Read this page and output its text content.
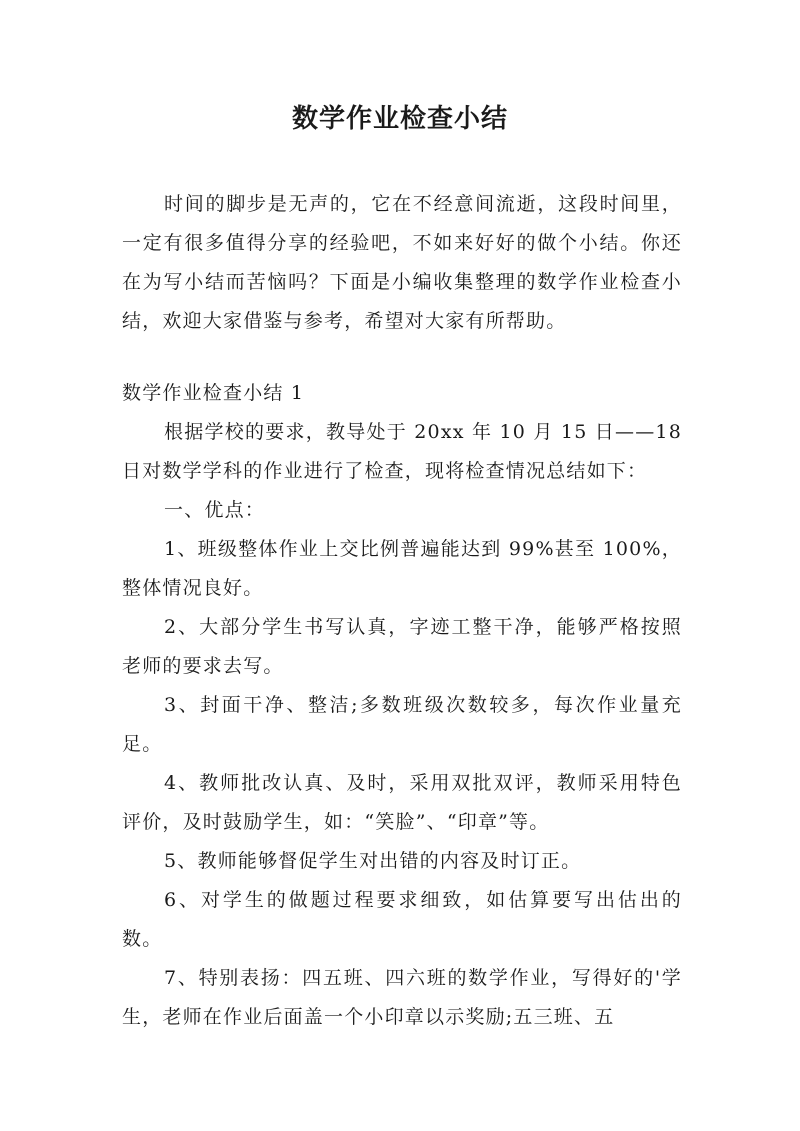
数学作业检查小结

时间的脚步是无声的，它在不经意间流逝，这段时间里，一定有很多值得分享的经验吧，不如来好好的做个小结。你还在为写小结而苦恼吗？下面是小编收集整理的数学作业检查小结，欢迎大家借鉴与参考，希望对大家有所帮助。

数学作业检查小结 1

根据学校的要求，教导处于 20xx 年 10 月 15 日——18日对数学学科的作业进行了检查，现将检查情况总结如下：

一、优点：

1、班级整体作业上交比例普遍能达到 99%甚至 100%，整体情况良好。

2、大部分学生书写认真，字迹工整干净，能够严格按照老师的要求去写。

3、封面干净、整洁;多数班级次数较多，每次作业量充足。

4、教师批改认真、及时，采用双批双评，教师采用特色评价，及时鼓励学生，如：“笑脸”、“印章”等。

5、教师能够督促学生对出错的内容及时订正。

6、对学生的做题过程要求细致，如估算要写出估出的数。

7、特别表扬：四五班、四六班的数学作业，写得好的'学生，老师在作业后面盖一个小印章以示奖励;五三班、五
